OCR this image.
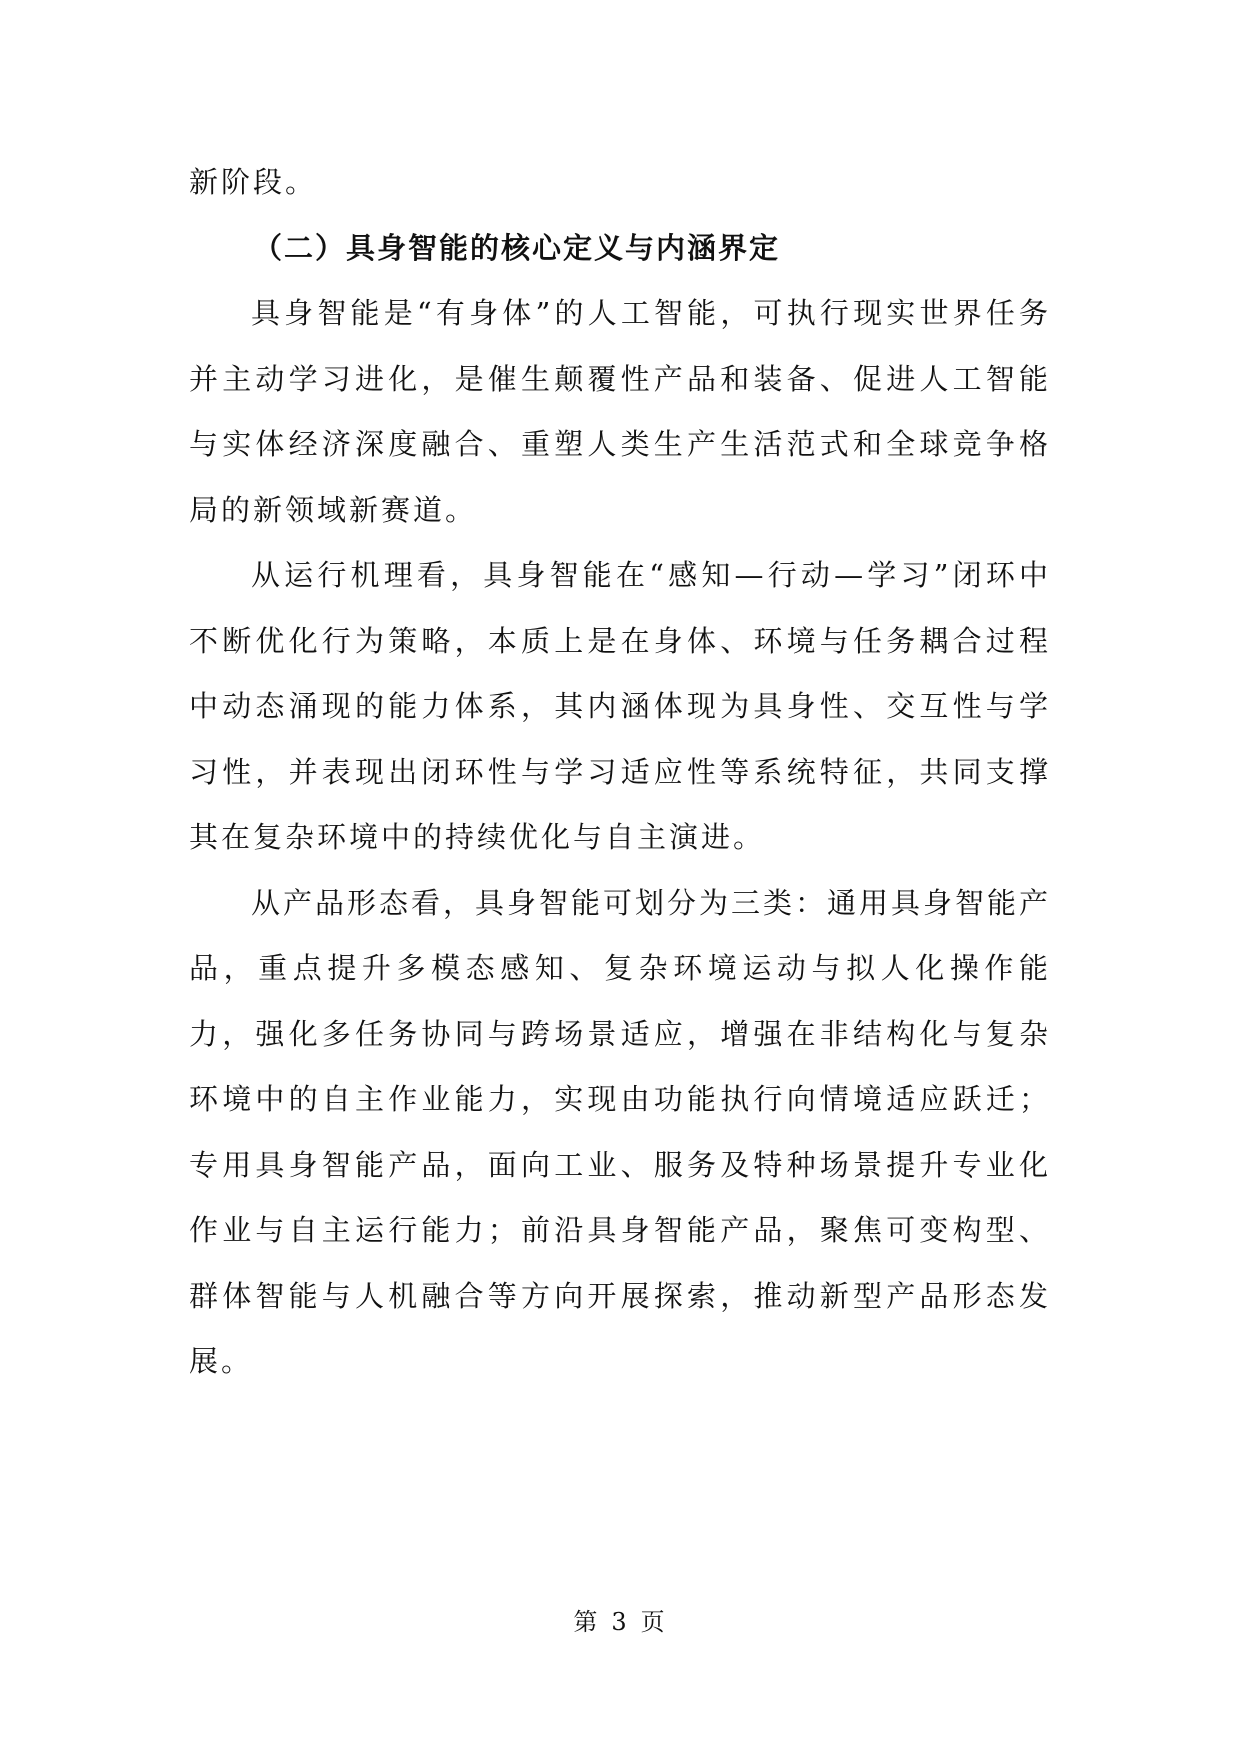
新阶段。

（二）具身智能的核心定义与内涵界定

具身智能是“有身体”的人工智能，可执行现实世界任务并主动学习进化，是催生颠覆性产品和装备、促进人工智能与实体经济深度融合、重塑人类生产生活范式和全球竞争格局的新领域新赛道。

从运行机理看，具身智能在“感知—行动—学习”闭环中不断优化行为策略，本质上是在身体、环境与任务耦合过程中动态涌现的能力体系，其内涵体现为具身性、交互性与学习性，并表现出闭环性与学习适应性等系统特征，共同支撑其在复杂环境中的持续优化与自主演进。

从产品形态看，具身智能可划分为三类：通用具身智能产品，重点提升多模态感知、复杂环境运动与拟人化操作能力，强化多任务协同与跨场景适应，增强在非结构化与复杂环境中的自主作业能力，实现由功能执行向情境适应跃迁；专用具身智能产品，面向工业、服务及特种场景提升专业化作业与自主运行能力；前沿具身智能产品，聚焦可变构型、群体智能与人机融合等方向开展探索，推动新型产品形态发展。

第 3 页
